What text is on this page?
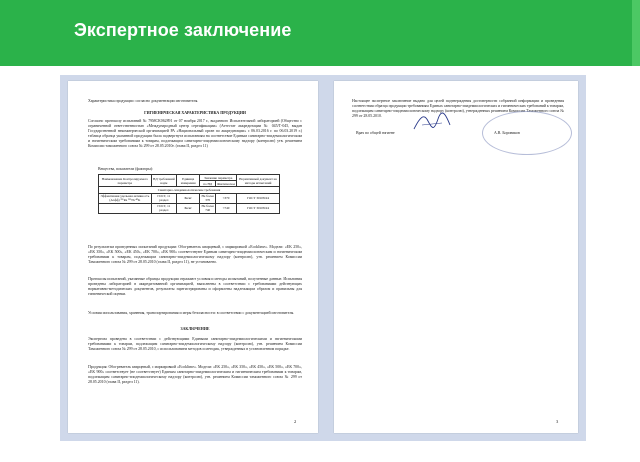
Экспертное заключение
Характеристика продукции: согласно документации изготовителя.
ГИГИЕНИЧЕСКАЯ ХАРАКТЕРИСТИКА ПРОДУКЦИИ
Согласно протоколу испытаний № 79МСК062891 от 07 ноября 2017 г., выданного Испытательной лабораторией (Общество с ограниченной ответственностью «Международный центр сертификации» (Аттестат аккредитации № 045/Т-045, выдан Государственной некоммерческой организацией РА «Национальный орган по аккредитации» с 06.03.2016 г. по 06.03.2019 г.) таблица образца указанной продукции была подвергнута испытаниям на соответствие Единым санитарно-эпидемиологическим и гигиеническим требованиям к товарам, подлежащим санитарно-эпидемиологическому надзору (контролю) утв. решением Комиссии таможенного союза № 299 от 28.05.2010г. (глава II, раздел 11)
Вещества, показатели (факторы):
Наименование Контролируемого параметра	НД требований норм	Единица измерения	Значение параметра		Нормативный документ на методы испытаний
			по НД	Фактическое	
Санитарно-эпидемиологические требования					
Эффективная удельная активность (Аэфф) ²²⁶Ra ²³²Th ⁴⁰K	ГОСТ, 11 раздел	Бк/кг	Не более 370	<370	ГОСТ 30108-94
	ГОСТ, 11 раздел	Бк/кг	Не более 740	<740	ГОСТ 30108-94
По результатам проведенных испытаний продукции: Обогреватель кварцевый, с маркировкой «Ecoklime». Модели: «EK 250», «EK 350», «EK 500», «EK 450», «EK 700», «EK 900» соответствуют Единым санитарно-эпидемиологическим и гигиеническим требованиям к товарам, подлежащим санитарно-эпидемиологическому надзору (контролю), утв. решением Комиссии Таможенного союза № 299 от 28.05.2010 (глава II, раздел 11), не установлено.
Протоколы испытаний, указанные образцы продукции отражают условия и методы испытаний, полученные данные. Испытания проведены лабораторией в аккредитованной организацией, выполнены в соответствии с требованиями действующих нормативно-методических документов, результаты зарегистрированы и оформлены надлежащим образом и правильны для гигиенической оценки.
Условия использования, хранения, транспортирования и меры безопасности: в соответствии с документацией изготовителя.
ЗАКЛЮЧЕНИЕ
Экспертиза проведена в соответствии с действующими Едиными санитарно-эпидемиологическими и гигиеническими требованиями к товарам, подлежащим санитарно-эпидемиологическому надзору (контролю), утв. решением Комиссии Таможенного союза № 299 от 28.05.2010, с использованием методов и методик, утвержденных в установленном порядке.
Продукция: Обогреватель кварцевый, с маркировкой «Ecoklime». Модели: «EK 250», «EK 350», «EK 450», «EK 500», «EK 700», «EK 900» соответствует (не соответствует) Единым санитарно-эпидемиологическим и гигиеническим требованиям к товарам, подлежащим санитарно-эпидемиологическому надзору (контролю), утв. решением Комиссии таможенного союза № 299 от 28.05.2010 (глава II, раздел 11).
2
Настоящее экспертное заключение выдано для целей подтверждения достоверности собранной информации и проведения соответствия образца продукции требованиям Единых санитарно-эпидемиологических и гигиенических требований к товарам, подлежащим санитарно-эпидемиологическому надзору (контролю), утвержденных решением Комиссии Таможенного союза № 299 от 28.05.2010.
Врач по общей гигиене	А.В. Боровиков
3
